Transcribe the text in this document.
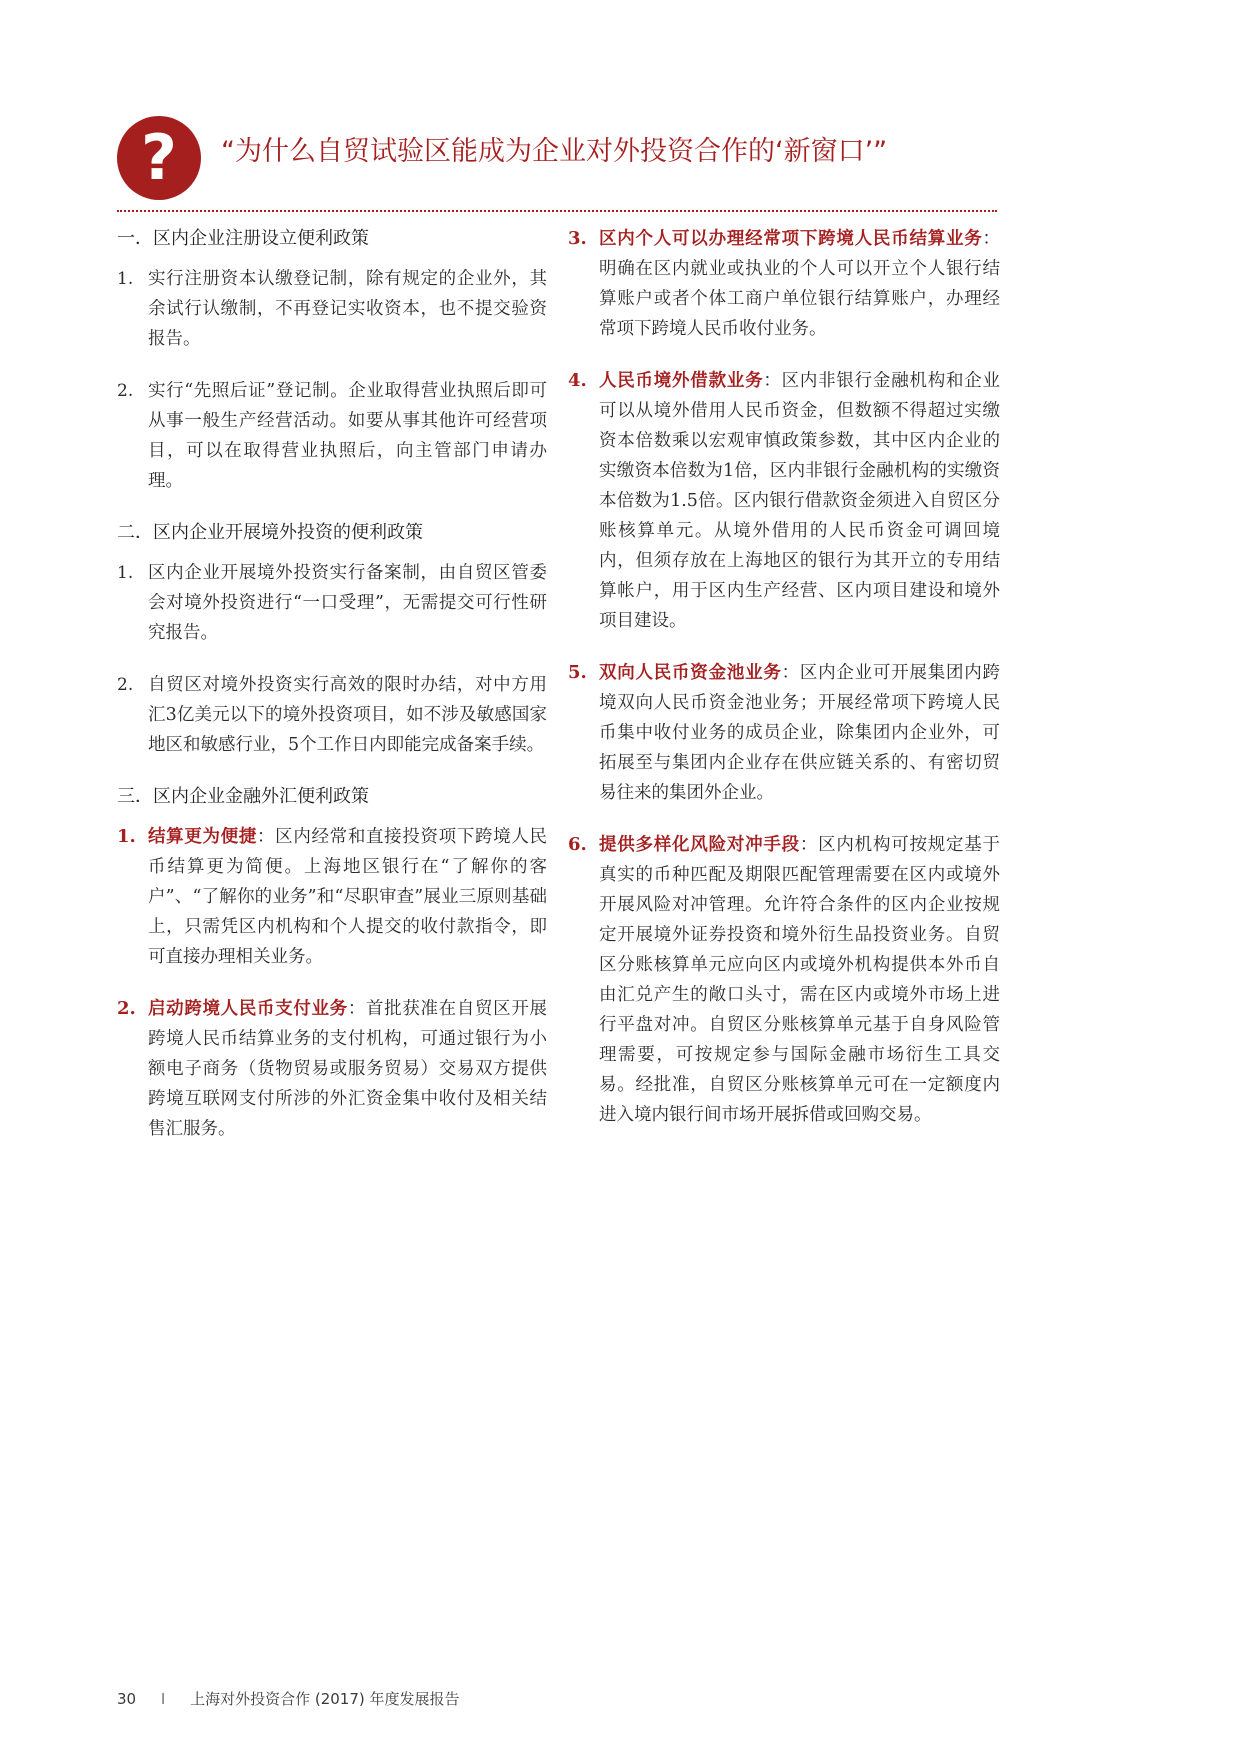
?	“为什么自贸试验区能成为企业对外投资合作的‘新窗口’”
一．区内企业注册设立便利政策
1. 实行注册资本认缴登记制，除有规定的企业外，其余试行认缴制，不再登记实收资本，也不提交验资报告。
2. 实行“先照后证”登记制。企业取得营业执照后即可从事一般生产经营活动。如要从事其他许可经营项目，可以在取得营业执照后，向主管部门申请办理。
二．区内企业开展境外投资的便利政策
1. 区内企业开展境外投资实行备案制，由自贸区管委会对境外投资进行“一口受理”，无需提交可行性研究报告。
2. 自贸区对境外投资实行高效的限时办结，对中方用汇3亿美元以下的境外投资项目，如不涉及敏感国家地区和敏感行业，5个工作日内即能完成备案手续。
三．区内企业金融外汇便利政策
1. 结算更为便捷：区内经常和直接投资项下跨境人民币结算更为简便。上海地区银行在“了解你的客户”、“了解你的业务”和“尽职审查”展业三原则基础上，只需凭区内机构和个人提交的收付款指令，即可直接办理相关业务。
2. 启动跨境人民币支付业务：首批获准在自贸区开展跨境人民币结算业务的支付机构，可通过银行为小额电子商务（货物贸易或服务贸易）交易双方提供跨境互联网支付所涉的外汇资金集中收付及相关结售汇服务。
3. 区内个人可以办理经常项下跨境人民币结算业务：明确在区内就业或执业的个人可以开立个人银行结算账户或者个体工商户单位银行结算账户，办理经常项下跨境人民币收付业务。
4. 人民币境外借款业务：区内非银行金融机构和企业可以从境外借用人民币资金，但数额不得超过实缴资本倍数乘以宏观审慎政策参数，其中区内企业的实缴资本倍数为1倍，区内非银行金融机构的实缴资本倍数为1.5倍。区内银行借款资金须进入自贸区分账核算单元。从境外借用的人民币资金可调回境内，但须存放在上海地区的银行为其开立的专用结算帐户，用于区内生产经营、区内项目建设和境外项目建设。
5. 双向人民币资金池业务：区内企业可开展集团内跨境双向人民币资金池业务；开展经常项下跨境人民币集中收付业务的成员企业，除集团内企业外，可拓展至与集团内企业存在供应链关系的、有密切贸易往来的集团外企业。
6. 提供多样化风险对冲手段：区内机构可按规定基于真实的币种匹配及期限匹配管理需要在区内或境外开展风险对冲管理。允许符合条件的区内企业按规定开展境外证券投资和境外衍生品投资业务。自贸区分账核算单元应向区内或境外机构提供本外币自由汇兑产生的敞口头寸，需在区内或境外市场上进行平盘对冲。自贸区分账核算单元基于自身风险管理需要，可按规定参与国际金融市场衍生工具交易。经批准，自贸区分账核算单元可在一定额度内进入境内银行间市场开展拆借或回购交易。
30 I 上海对外投资合作 (2017) 年度发展报告
